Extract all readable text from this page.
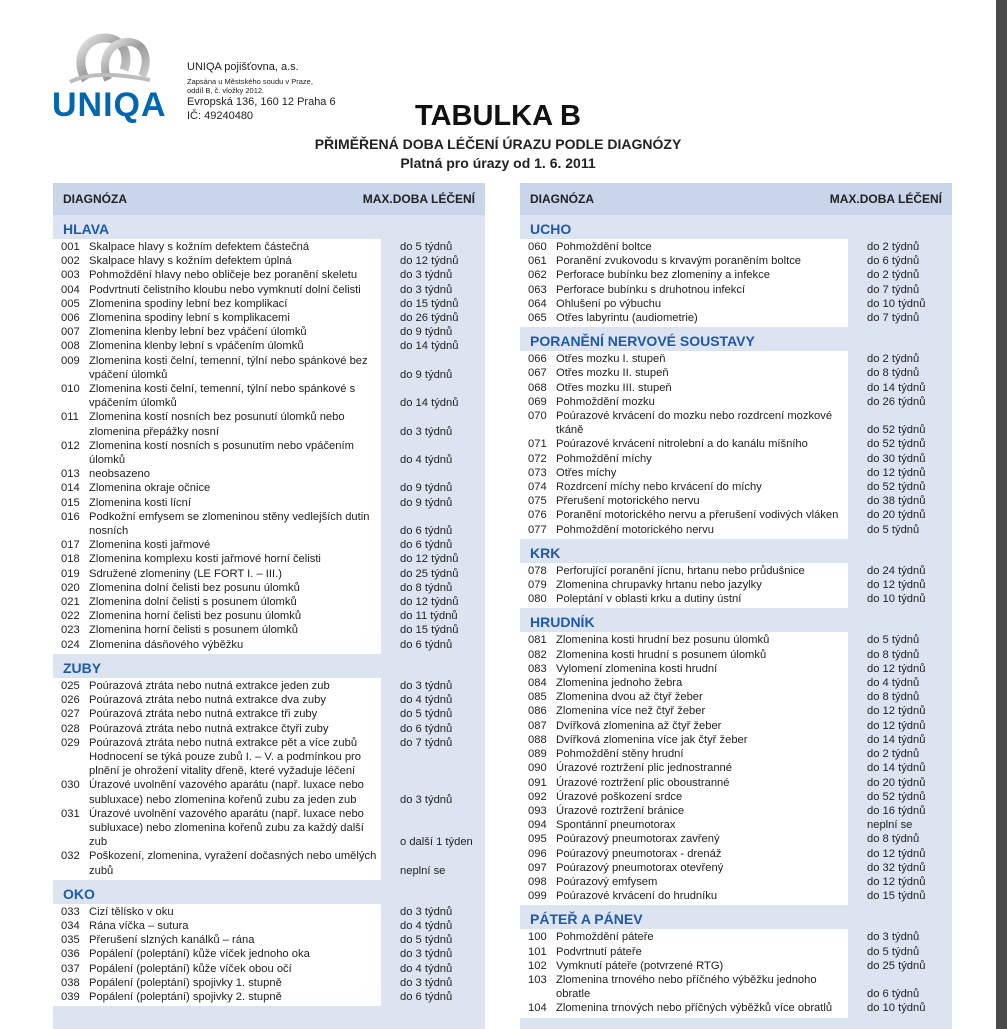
UNIQA
UNIQA pojišťovna, a.s.
Zapsána u Městského soudu v Praze,
oddíl B, č. vložky 2012.
Evropská 136, 160 12 Praha 6
IČ: 49240480	TABULKA B
PŘIMĚŘENÁ DOBA LÉČENÍ ÚRAZU PODLE DIAGNÓZY
Platná pro úrazy od 1. 6. 2011
DIAGNÓZA	MAX.DOBA LÉČENÍ
HLAVA
001 Skalpace hlavy s kožním defektem částečná	do 5 týdnů
002 Skalpace hlavy s kožním defektem úplná	do 12 týdnů
003 Pohmoždění hlavy nebo obličeje bez poranění skeletu	do 3 týdnů
004 Podvrtnutí čelistního kloubu nebo vymknutí dolní čelisti	do 3 týdnů
005 Zlomenina spodiny lební bez komplikací	do 15 týdnů
006 Zlomenina spodiny lební s komplikacemi	do 26 týdnů
007 Zlomenina klenby lební bez vpáčení úlomků	do 9 týdnů
008 Zlomenina klenby lební s vpáčením úlomků	do 14 týdnů
009 Zlomenina kosti čelní, temenní, týlní nebo spánkové bez vpáčení úlomků	do 9 týdnů
010 Zlomenina kosti čelní, temenní, týlní nebo spánkové s vpáčením úlomků	do 14 týdnů
011 Zlomenina kostí nosních bez posunutí úlomků nebo zlomenina přepážky nosní	do 3 týdnů
012 Zlomenina kostí nosních s posunutím nebo vpáčením úlomků	do 4 týdnů
013 neobsazeno
014 Zlomenina okraje očnice	do 9 týdnů
015 Zlomenina kosti lícní	do 9 týdnů
016 Podkožní emfysem se zlomeninou stěny vedlejších dutin nosních	do 6 týdnů
017 Zlomenina kosti jařmové	do 6 týdnů
018 Zlomenina komplexu kosti jařmové horní čelisti	do 12 týdnů
019 Sdružené zlomeniny (LE FORT I. – III.)	do 25 týdnů
020 Zlomenina dolní čelisti bez posunu úlomků	do 8 týdnů
021 Zlomenina dolní čelisti s posunem úlomků	do 12 týdnů
022 Zlomenina horní čelisti bez posunu úlomků	do 11 týdnů
023 Zlomenina horní čelisti s posunem úlomků	do 15 týdnů
024 Zlomenina dásňového výběžku	do 6 týdnů
ZUBY
025 Poúrazová ztráta nebo nutná extrakce jeden zub	do 3 týdnů
026 Poúrazová ztráta nebo nutná extrakce dva zuby	do 4 týdnů
027 Poúrazová ztráta nebo nutná extrakce tři zuby	do 5 týdnů
028 Poúrazová ztráta nebo nutná extrakce čtyři zuby	do 6 týdnů
029 Poúrazová ztráta nebo nutná extrakce pět a více zubů	do 7 týdnů
Hodnocení se týká pouze zubů I. – V. a podmínkou pro plnění je ohrožení vitality dřeně, které vyžaduje léčení
030 Úrazové uvolnění vazového aparátu (např. luxace nebo subluxace) nebo zlomenina kořenů zubu za jeden zub	do 3 týdnů
031 Úrazové uvolnění vazového aparátu (např. luxace nebo subluxace) nebo zlomenina kořenů zubu za každý další zub	o další 1 týden
032 Poškození, zlomenina, vyražení dočasných nebo umělých zubů	neplní se
OKO
033 Cizí tělísko v oku	do 3 týdnů
034 Rána víčka – sutura	do 4 týdnů
035 Přerušení slzných kanálků – rána	do 5 týdnů
036 Popálení (poleptání) kůže víček jednoho oka	do 3 týdnů
037 Popálení (poleptání) kůže víček obou očí	do 4 týdnů
038 Popálení (poleptání) spojivky 1. stupně	do 3 týdnů
039 Popálení (poleptání) spojivky 2. stupně	do 6 týdnů
DIAGNÓZA	MAX.DOBA LÉČENÍ
UCHO
060 Pohmoždění boltce	do 2 týdnů
061 Poranění zvukovodu s krvavým poraněním boltce	do 6 týdnů
062 Perforace bubínku bez zlomeniny a infekce	do 2 týdnů
063 Perforace bubínku s druhotnou infekcí	do 7 týdnů
064 Ohlušení po výbuchu	do 10 týdnů
065 Otřes labyrintu (audiometrie)	do 7 týdnů
PORANĚNÍ NERVOVÉ SOUSTAVY
066 Otřes mozku I. stupeň	do 2 týdnů
067 Otřes mozku II. stupeň	do 8 týdnů
068 Otřes mozku III. stupeň	do 14 týdnů
069 Pohmoždění mozku	do 26 týdnů
070 Poúrazové krvácení do mozku nebo rozdrcení mozkové tkáně	do 52 týdnů
071 Poúrazové krvácení nitrolební a do kanálu míšního	do 52 týdnů
072 Pohmoždění míchy	do 30 týdnů
073 Otřes míchy	do 12 týdnů
074 Rozdrcení míchy nebo krvácení do míchy	do 52 týdnů
075 Přerušení motorického nervu	do 38 týdnů
076 Poranění motorického nervu a přerušení vodivých vláken	do 20 týdnů
077 Pohmoždění motorického nervu	do 5 týdnů
KRK
078 Perforující poranění jícnu, hrtanu nebo průdušnice	do 24 týdnů
079 Zlomenina chrupavky hrtanu nebo jazylky	do 12 týdnů
080 Poleptání v oblasti krku a dutiny ústní	do 10 týdnů
HRUDNÍK
081 Zlomenina kosti hrudní bez posunu úlomků	do 5 týdnů
082 Zlomenina kosti hrudní s posunem úlomků	do 8 týdnů
083 Vylomení zlomenina kosti hrudní	do 12 týdnů
084 Zlomenina jednoho žebra	do 4 týdnů
085 Zlomenina dvou až čtyř žeber	do 8 týdnů
086 Zlomenina více než čtyř žeber	do 12 týdnů
087 Dvířková zlomenina až čtyř žeber	do 12 týdnů
088 Dvířková zlomenina více jak čtyř žeber	do 14 týdnů
089 Pohmoždění stěny hrudní	do 2 týdnů
090 Úrazové roztržení plic jednostranné	do 14 týdnů
091 Úrazové roztržení plic oboustranné	do 20 týdnů
092 Úrazové poškození srdce	do 52 týdnů
093 Úrazové roztržení bránice	do 16 týdnů
094 Spontánní pneumotorax	neplní se
095 Poúrazový pneumotorax zavřený	do 8 týdnů
096 Poúrazový pneumotorax - drenáž	do 12 týdnů
097 Poúrazový pneumotorax otevřený	do 32 týdnů
098 Poúrazový emfysem	do 12 týdnů
099 Poúrazové krvácení do hrudníku	do 15 týdnů
PÁTEŘ A PÁNEV
100 Pohmoždění páteře	do 3 týdnů
101 Podvrtnutí páteře	do 5 týdnů
102 Vymknutí páteře (potvrzené RTG)	do 25 týdnů
103 Zlomenina trnového nebo příčného výběžku jednoho obratle	do 6 týdnů
104 Zlomenina trnových nebo příčných výběžků více obratlů	do 10 týdnů
